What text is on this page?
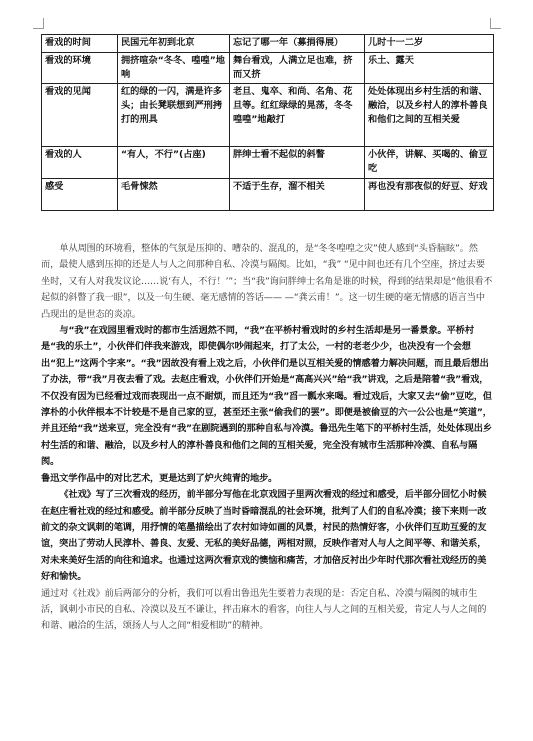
看戏的时间	民国元年初到北京	忘记了哪一年（募捐得展）	儿时十一二岁
看戏的环境	拥挤喧杂“冬冬、喤喤”地响	舞台看戏，人满立足也难，挤而又挤	乐土、露天
看戏的见闻	红的绿的一闪，满是许多头；由长凳联想到严刑拷打的刑具	老旦、鬼卒、和尚、名角、花旦等。红红绿绿的晃荡，冬冬喤喤”地敲打	处处体现出乡村生活的和谐、融洽，以及乡村人的淳朴善良和他们之间的互相关爱
看戏的人	“有人，不行”(占座)	胖绅士看不起似的斜瞥	小伙伴，讲解、买喝的、偷豆吃
感受	毛骨悚然	不适于生存，溜不相关	再也没有那夜似的好豆、好戏

单从周围的环境看，整体的气氛是压抑的、嘈杂的、混乱的，是“冬冬喤喤之灾”使人感到“头昏脑眩”。然而，最使人感到压抑的还是人与人之间那种自私、冷漠与隔阂。比如，“我” “见中间也还有几个空座，挤过去要坐时，又有人对我发议论……说‘有人，不行！’”；当“我”询问胖绅士名角是谁的时候，得到的结果却是“他很看不起似的斜瞥了我一眼”，以及一句生硬、毫无感情的答话—— —“龚云甫！”。这一切生硬的毫无情感的语言当中凸现出的是世态的炎凉。

与“我”在戏园里看戏时的都市生活迥然不同，“我”在平桥村看戏时的乡村生活却是另一番景象。平桥村是“我的乐土”，小伙伴们伴我来游戏，即使偶尔吵闹起来，打了太公，一村的老老少少，也决没有一个会想出“犯上”这两个字来”。“我”因故没有看上戏之后，小伙伴们是以互相关爱的情感着力解决问题，而且最后想出了办法，带“我”月夜去看了戏。去赵庄看戏，小伙伴们开始是“高高兴兴”给“我”讲戏，之后是陪着“我”看戏，不仅没有因为已经看过戏而表现出一点不耐烦，而且还为“我”舀一瓢水来喝。看过戏后，大家又去“偷”豆吃，但淳朴的小伙伴根本不计较是不是自己家的豆，甚至还主张“偷我们的罢”。即便是被偷豆的六一公公也是“笑道”，并且还给“我”送来豆，完全没有“我”在剧院遇到的那种自私与冷漠。鲁迅先生笔下的平桥村生活，处处体现出乡村生活的和谐、融洽，以及乡村人的淳朴善良和他们之间的互相关爱，完全没有城市生活那种冷漠、自私与隔阂。

鲁迅文学作品中的对比艺术，更是达到了炉火纯青的地步。

《社戏》写了三次看戏的经历，前半部分写他在北京戏园子里两次看戏的经过和感受，后半部分回忆小时候在赵庄看社戏的经过和感受。前半部分反映了当时昏暗混乱的社会环境，批判了人们的自私冷漠；接下来则一改前文的杂文讽刺的笔调，用抒情的笔墨描绘出了农村如诗如画的风景，村民的热情好客，小伙伴们互助互爱的友谊，突出了劳动人民淳朴、善良、友爱、无私的美好品德，两相对照，反映作者对人与人之间平等、和谐关系，对未来美好生活的向往和追求。也通过这两次看京戏的懊恼和痛苦，才加倍反衬出少年时代那次看社戏经历的美好和愉快。

通过对《社戏》前后两部分的分析，我们可以看出鲁迅先生要着力表现的是：否定自私、冷漠与隔阂的城市生活，讽刺小市民的自私、冷漠以及互不谦让，抨击麻木的看客，向往人与人之间的互相关爱，肯定人与人之间的和谐、融洽的生活，颂扬人与人之间“相爱相助”的精神。
